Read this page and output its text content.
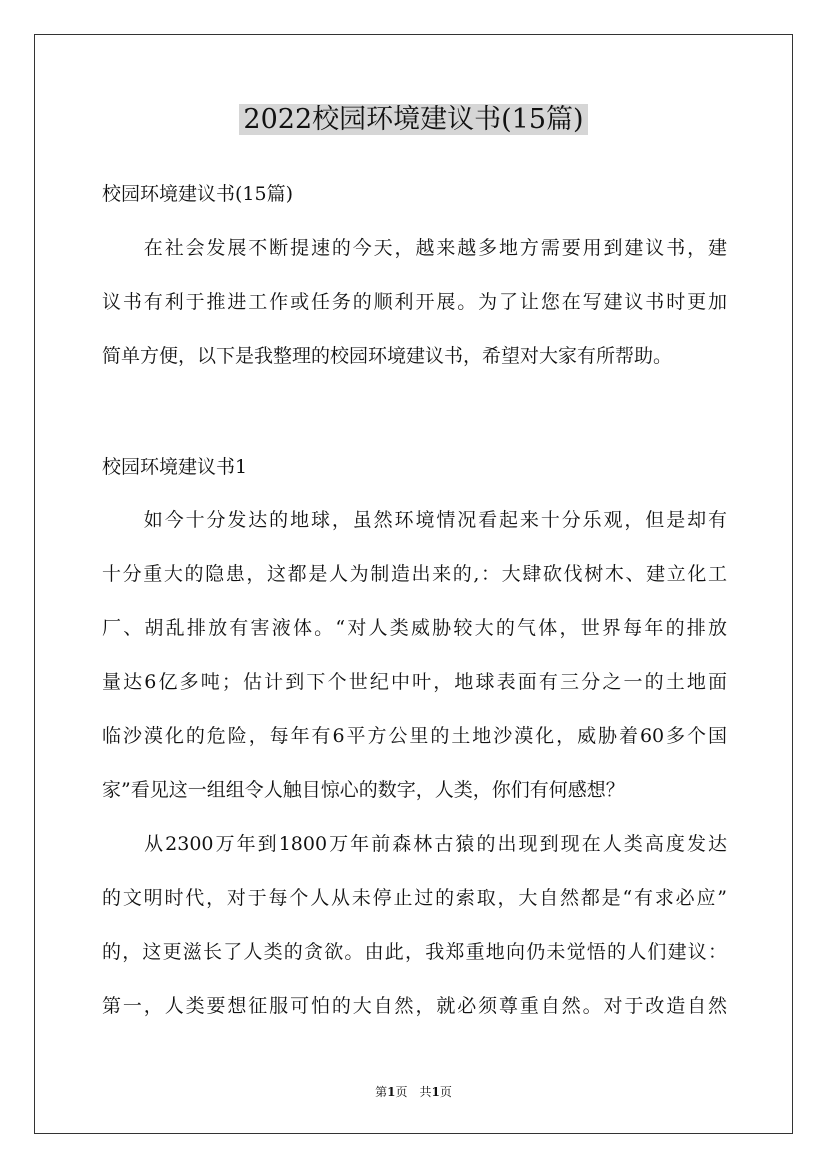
2022校园环境建议书(15篇)

校园环境建议书(15篇)

　　在社会发展不断提速的今天，越来越多地方需要用到建议书，建

议书有利于推进工作或任务的顺利开展。为了让您在写建议书时更加

简单方便，以下是我整理的校园环境建议书，希望对大家有所帮助。

校园环境建议书1

　　如今十分发达的地球，虽然环境情况看起来十分乐观，但是却有

十分重大的隐患，这都是人为制造出来的,：大肆砍伐树木、建立化工

厂、胡乱排放有害液体。“对人类威胁较大的气体，世界每年的排放

量达6亿多吨；估计到下个世纪中叶，地球表面有三分之一的土地面

临沙漠化的危险，每年有6平方公里的土地沙漠化，威胁着60多个国

家”看见这一组组令人触目惊心的数字，人类，你们有何感想？

　　从2300万年到1800万年前森林古猿的出现到现在人类高度发达

的文明时代，对于每个人从未停止过的索取，大自然都是“有求必应”

的，这更滋长了人类的贪欲。由此，我郑重地向仍未觉悟的人们建议：

第一，人类要想征服可怕的大自然，就必须尊重自然。对于改造自然

第1页　共1页
